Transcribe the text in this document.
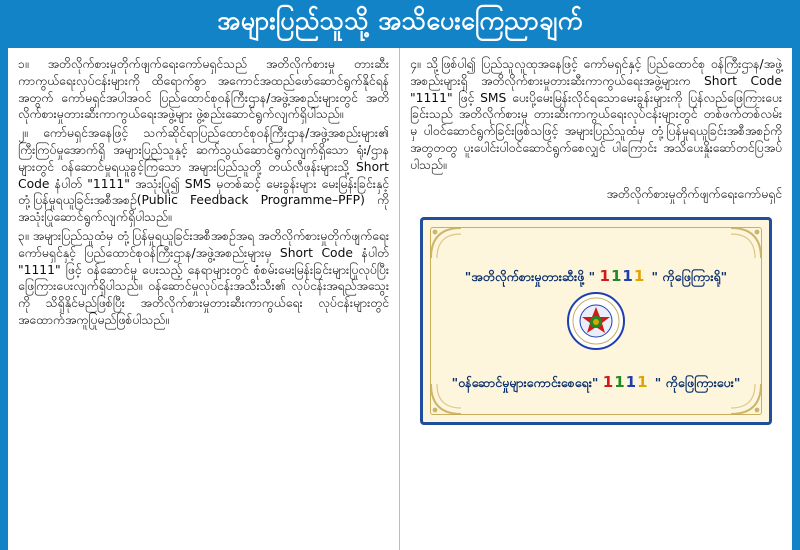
အများပြည်သူသို့ အသိပေးကြေညာချက်

၁။ အတိလိုက်စားမှုတိုက်ဖျက်ရေးကော်မရှင်သည် အတိလိုက်စားမှု တားဆီးကာကွယ်ရေးလုပ်ငန်းများကို ထိရောက်စွာ အကောင်အထည်ဖော်ဆောင်ရွက်နိုင်ရန်အတွက် ကော်မရှင်အပါအဝင် ပြည်ထောင်စုဝန်ကြီးဌာန/အဖွဲ့အစည်းများတွင် အတိလိုက်စားမှုတားဆီးကာကွယ်ရေးအဖွဲ့များ ဖွဲ့စည်းဆောင်ရွက်လျက်ရှိပါသည်။

၂။ ကော်မရှင်အနေဖြင့် သက်ဆိုင်ရာပြည်ထောင်စုဝန်ကြီးဌာန/အဖွဲ့အစည်းများ၏ ကြီးကြပ်မှုအောက်ရှိ အများပြည်သူနှင့် ဆက်သွယ်ဆောင်ရွက်လျက်ရှိသော ရုံး/ဌာနများတွင် ဝန်ဆောင်မှုရယူခွင့်ကြသော အများပြည်သူတို့ တယ်လီဖုန်းများသို့ Short Code နံပါတ် "1111" အသုံးပြု၍ SMS မှတစ်ဆင့် မေးခွန်းများ မေးမြန်းခြင်းနှင့် တုံ့ပြန်မှုရယူခြင်းအစီအစဉ်(Public Feedback Programme–PFP) ကို အသုံးပြုဆောင်ရွက်လျက်ရှိပါသည်။

၃။ အများပြည်သူထံမှ တုံ့ပြန်မှုရယူခြင်းအစီအစဉ်အရ အတိလိုက်စားမှုတိုက်ဖျက်ရေးကော်မရှင်နှင့် ပြည်ထောင်စုဝန်ကြီးဌာန/အဖွဲ့အစည်းများမှ Short Code နံပါတ် "1111" ဖြင့် ဝန်ဆောင်မှု ပေးသည့် နေရာများတွင် စုံစမ်းမေးမြန်းခြင်းများပြုလုပ်ပြီး ဖြေကြားပေးလျက်ရှိပါသည်။ ဝန်ဆောင်မှုလုပ်ငန်းအသီးသီး၏ လုပ်ငန်းအရည်အသွေးကို သိရှိနိုင်မည်ဖြစ်ပြီး အတိလိုက်စားမှုတားဆီးကာကွယ်ရေး လုပ်ငန်းများတွင် အထောက်အကူပြုမည်ဖြစ်ပါသည်။

၄။ သို့ဖြစ်ပါ၍ ပြည်သူလူထုအနေဖြင့် ကော်မရှင်နှင့် ပြည်ထောင်စု ဝန်ကြီးဌာန/အဖွဲ့အစည်းများရှိ အတိလိုက်စားမှုတားဆီးကာကွယ်ရေးအဖွဲ့များက Short Code "1111" ဖြင့် SMS ပေးပို့မေးမြန်းလိုင်ရသောမေးခွန်းများကို ပြန်လည်ဖြေကြားပေးခြင်းသည် အတိလိုက်စားမှု တားဆီးကာကွယ်ရေးလုပ်ငန်းများတွင် တစ်ဖက်တစ်လမ်းမှ ပါဝင်ဆောင်ရွက်ခြင်းဖြစ်သဖြင့် အများပြည်သူထံမှ တုံ့ပြန်မှုရယူခြင်းအစီအစဉ်ကို အတွတတွ ပူးပေါင်းပါဝင်ဆောင်ရွက်စေလျှင် ပါကြောင်း အသိပေးနှိုးဆော်တင်ပြအပ်ပါသည်။

အတိလိုက်စားမှုတိုက်ဖျက်ရေးကော်မရှင်

"အတိလိုက်စားမှုတားဆီးဖို့ " 1111 " ကိုဖြေကြားရို"
"ဝန်ဆောင်မှုများကောင်းစေရေး" 1111 " ကိုဖြေကြားပေး"
